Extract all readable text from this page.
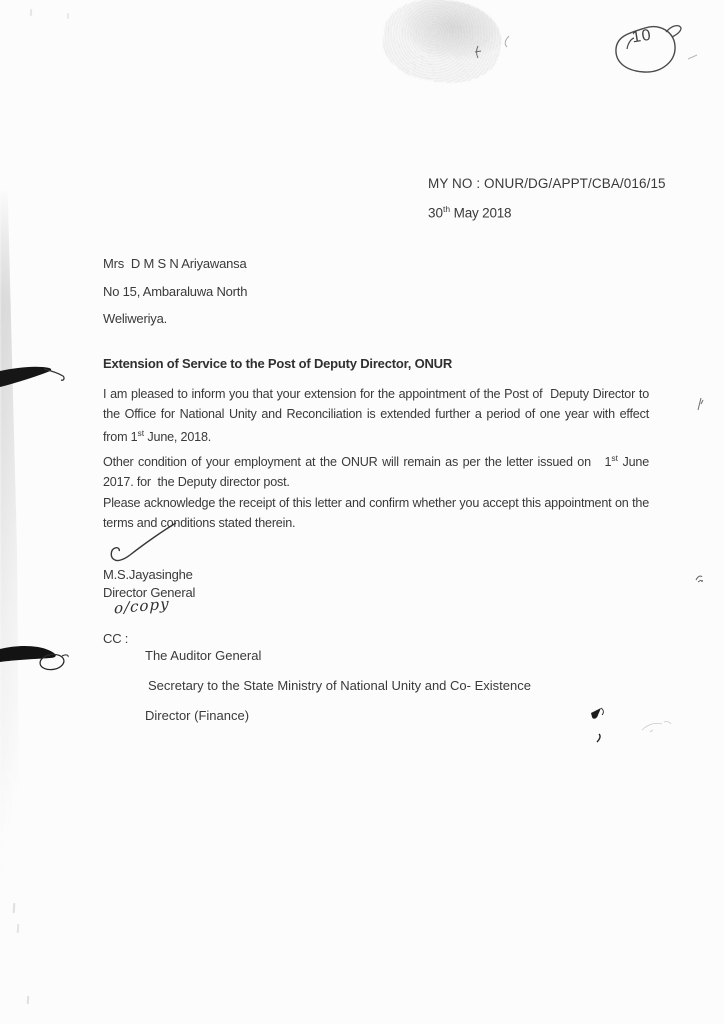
10
MY NO : ONUR/DG/APPT/CBA/016/15
30th May 2018
Mrs  D M S N Ariyawansa
No 15, Ambaraluwa North
Weliweriya.
Extension of Service to the Post of Deputy Director, ONUR
I am pleased to inform you that your extension for the appointment of the Post of  Deputy Director to the Office for National Unity and Reconciliation is extended further a period of one year with effect from 1st June, 2018.
Other condition of your employment at the ONUR will remain as per the letter issued on   1st June 2017. for  the Deputy director post.
Please acknowledge the receipt of this letter and confirm whether you accept this appointment on the terms and conditions stated therein.
M.S.Jayasinghe
Director General
o/copy
CC :
The Auditor General
Secretary to the State Ministry of National Unity and Co- Existence
Director (Finance)
